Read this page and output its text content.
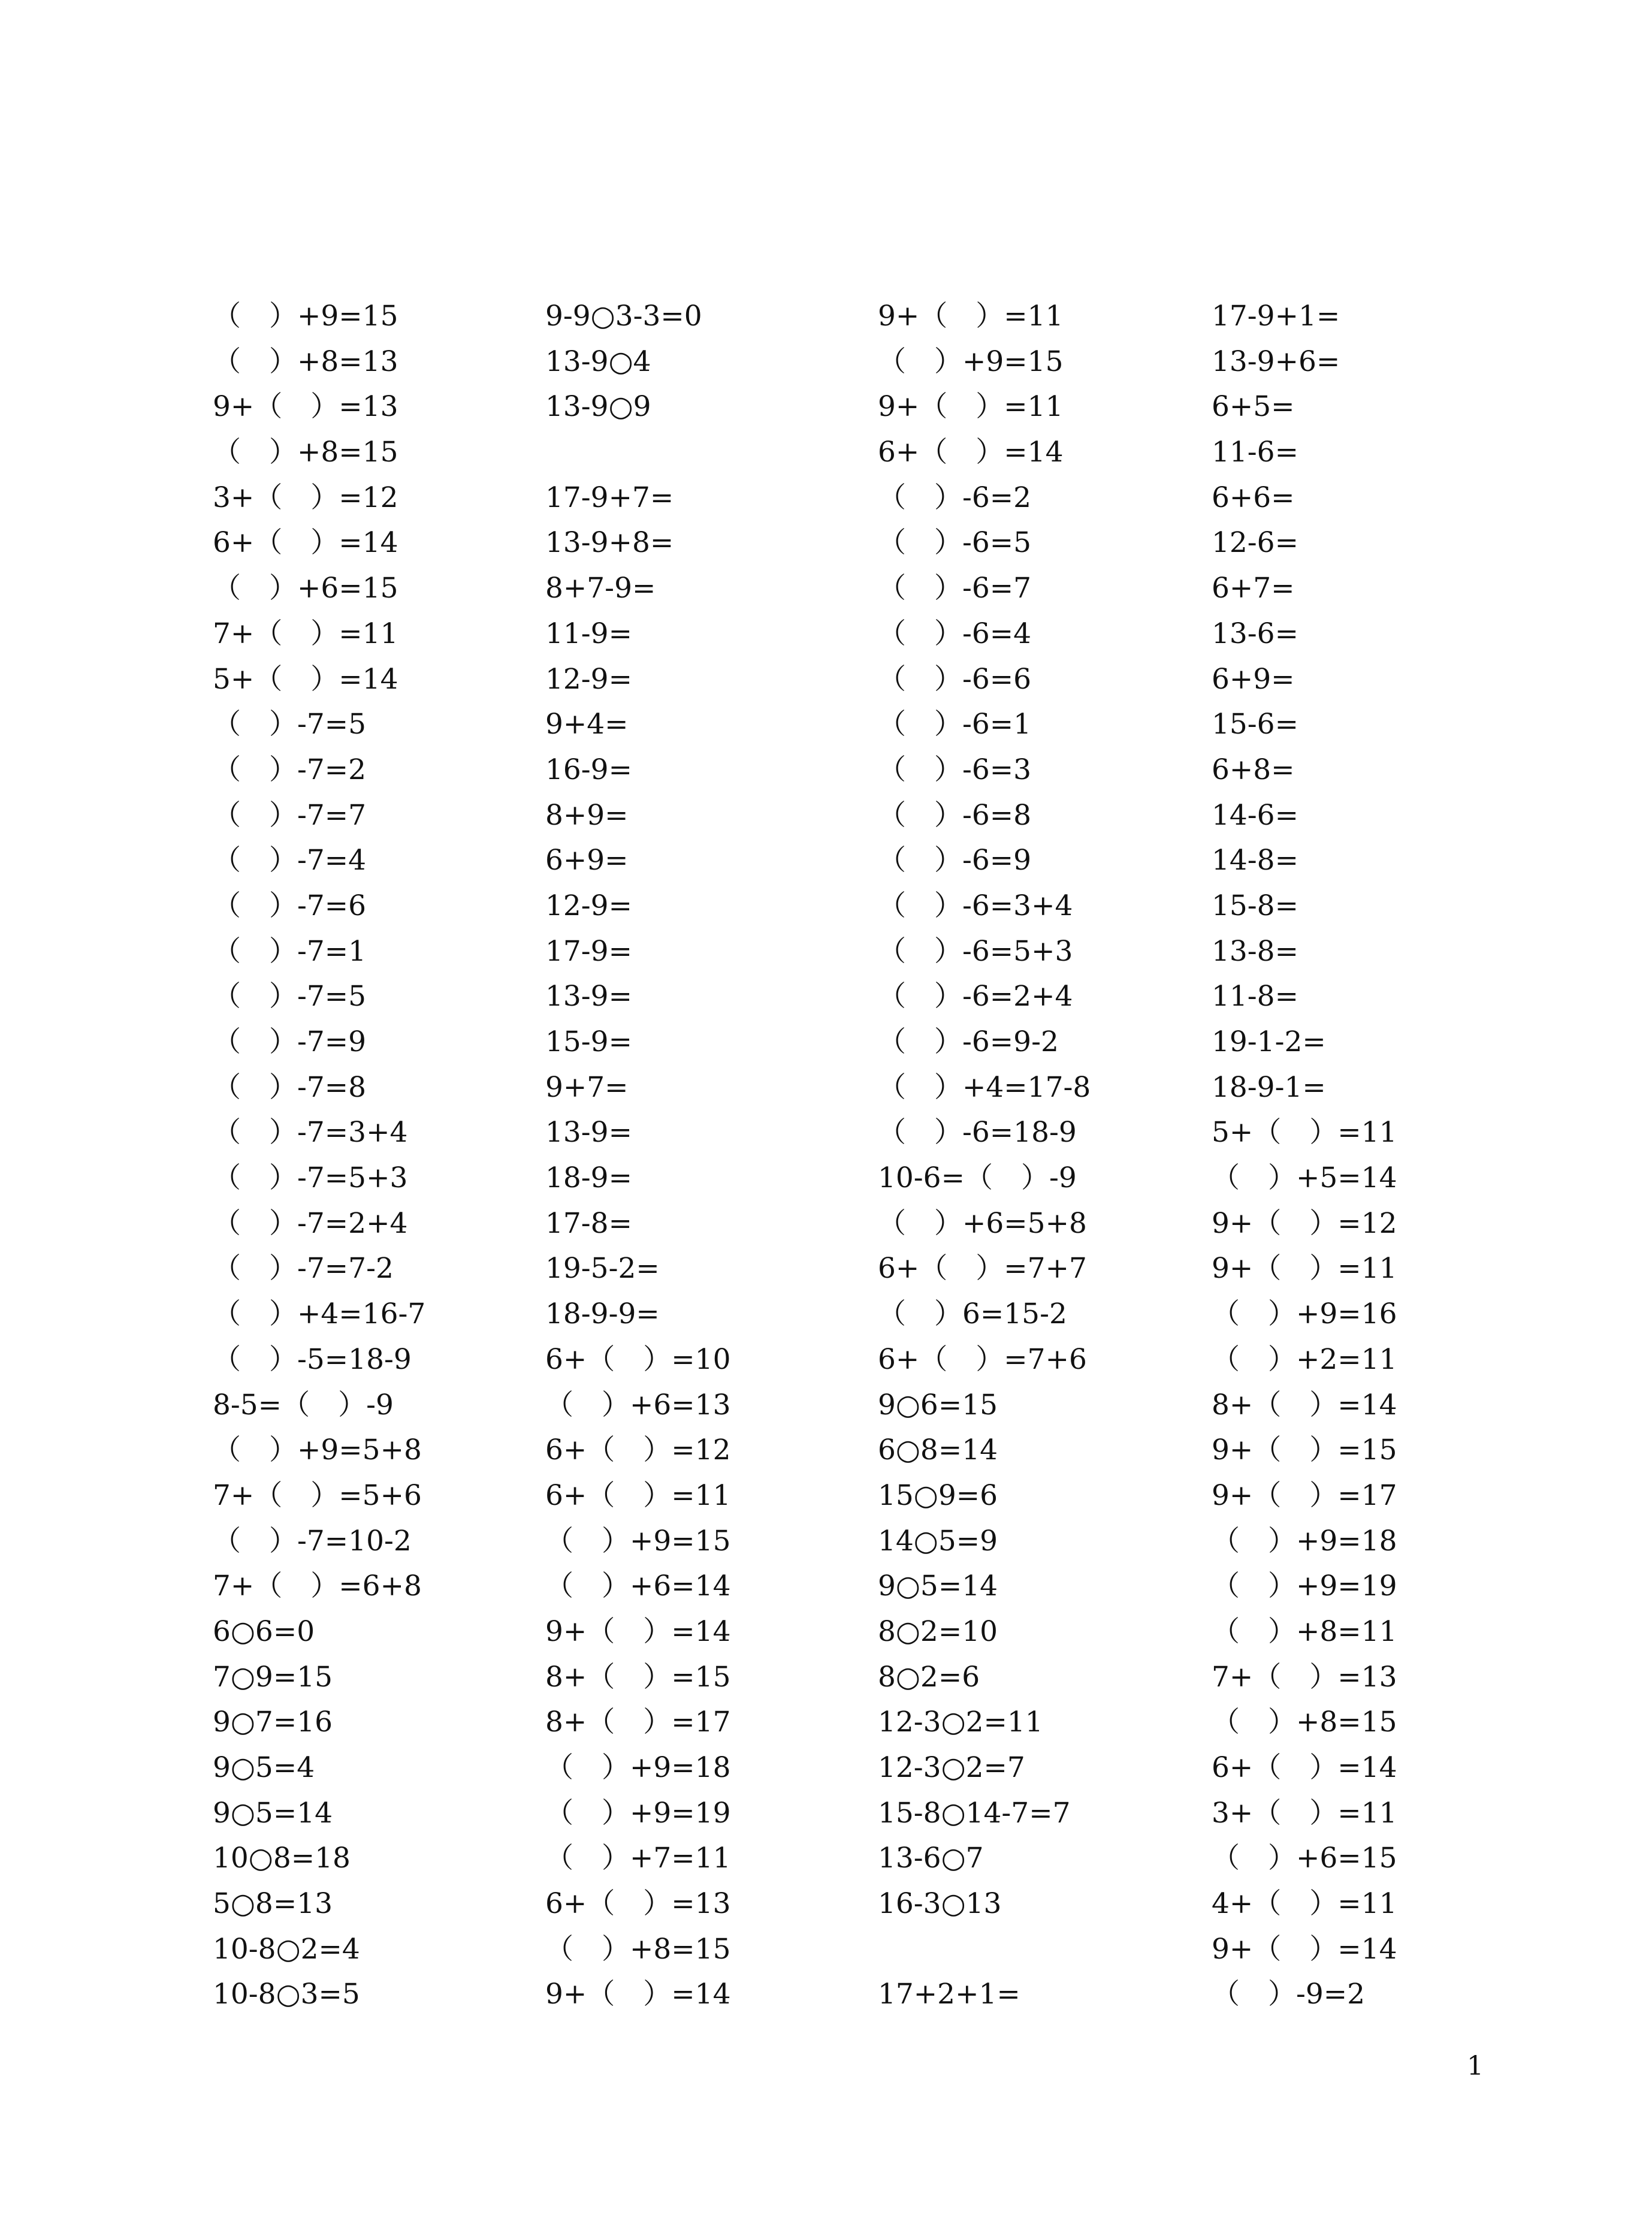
（　）+9=15
（　）+8=13
9+（　）=13
（　）+8=15
3+（　）=12
6+（　）=14
（　）+6=15
7+（　）=11
5+（　）=14
（　）-7=5
（　）-7=2
（　）-7=7
（　）-7=4
（　）-7=6
（　）-7=1
（　）-7=5
（　）-7=9
（　）-7=8
（　）-7=3+4
（　）-7=5+3
（　）-7=2+4
（　）-7=7-2
（　）+4=16-7
（　）-5=18-9
8-5=（　）-9
（　）+9=5+8
7+（　）=5+6
（　）-7=10-2
7+（　）=6+8
6○6=0
7○9=15
9○7=16
9○5=4
9○5=14
10○8=18
5○8=13
10-8○2=4
10-8○3=5
9-9○3-3=0
13-9○4
13-9○9
17-9+7=
13-9+8=
8+7-9=
11-9=
12-9=
9+4=
16-9=
8+9=
6+9=
12-9=
17-9=
13-9=
15-9=
9+7=
13-9=
18-9=
17-8=
19-5-2=
18-9-9=
6+（　）=10
（　）+6=13
6+（　）=12
6+（　）=11
（　）+9=15
（　）+6=14
9+（　）=14
8+（　）=15
8+（　）=17
（　）+9=18
（　）+9=19
（　）+7=11
6+（　）=13
（　）+8=15
9+（　）=14
9+（　）=11
（　）+9=15
9+（　）=11
6+（　）=14
（　）-6=2
（　）-6=5
（　）-6=7
（　）-6=4
（　）-6=6
（　）-6=1
（　）-6=3
（　）-6=8
（　）-6=9
（　）-6=3+4
（　）-6=5+3
（　）-6=2+4
（　）-6=9-2
（　）+4=17-8
（　）-6=18-9
10-6=（　）-9
（　）+6=5+8
6+（　）=7+7
（　）6=15-2
6+（　）=7+6
9○6=15
6○8=14
15○9=6
14○5=9
9○5=14
8○2=10
8○2=6
12-3○2=11
12-3○2=7
15-8○14-7=7
13-6○7
16-3○13
17+2+1=
17-9+1=
13-9+6=
6+5=
11-6=
6+6=
12-6=
6+7=
13-6=
6+9=
15-6=
6+8=
14-6=
14-8=
15-8=
13-8=
11-8=
19-1-2=
18-9-1=
5+（　）=11
（　）+5=14
9+（　）=12
9+（　）=11
（　）+9=16
（　）+2=11
8+（　）=14
9+（　）=15
9+（　）=17
（　）+9=18
（　）+9=19
（　）+8=11
7+（　）=13
（　）+8=15
6+（　）=14
3+（　）=11
（　）+6=15
4+（　）=11
9+（　）=14
（　）-9=2
1
